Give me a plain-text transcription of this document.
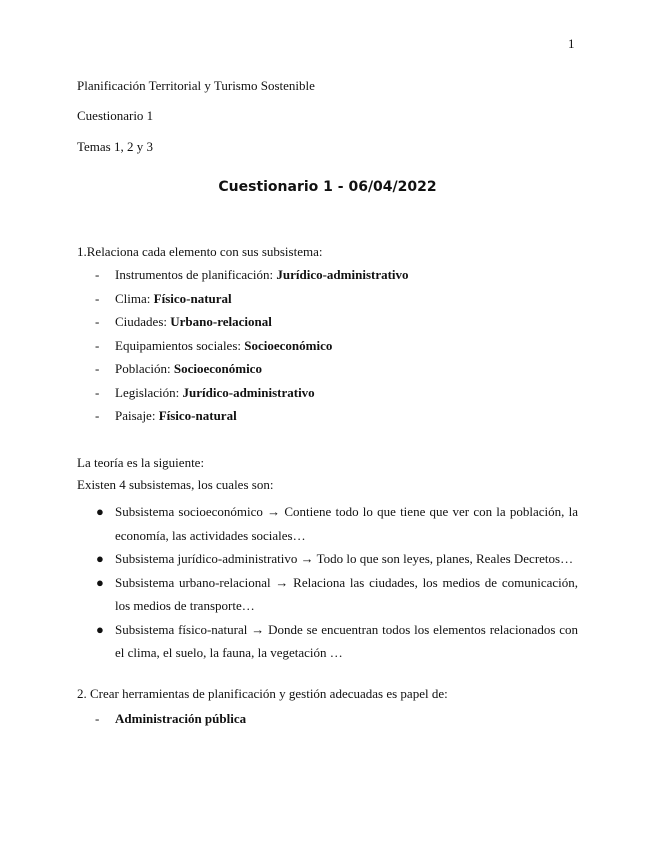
1
Planificación Territorial y Turismo Sostenible
Cuestionario 1
Temas 1, 2 y 3
Cuestionario 1 - 06/04/2022
1.Relaciona cada elemento con sus subsistema:
- Instrumentos de planificación: Jurídico-administrativo
- Clima: Físico-natural
- Ciudades: Urbano-relacional
- Equipamientos sociales: Socioeconómico
- Población: Socioeconómico
- Legislación: Jurídico-administrativo
- Paisaje: Físico-natural
La teoría es la siguiente:
Existen 4 subsistemas, los cuales son:
● Subsistema socioeconómico → Contiene todo lo que tiene que ver con la población, la economía, las actividades sociales…
● Subsistema jurídico-administrativo → Todo lo que son leyes, planes, Reales Decretos…
● Subsistema urbano-relacional → Relaciona las ciudades, los medios de comunicación, los medios de transporte…
● Subsistema físico-natural → Donde se encuentran todos los elementos relacionados con el clima, el suelo, la fauna, la vegetación …
2. Crear herramientas de planificación y gestión adecuadas es papel de:
- Administración pública
